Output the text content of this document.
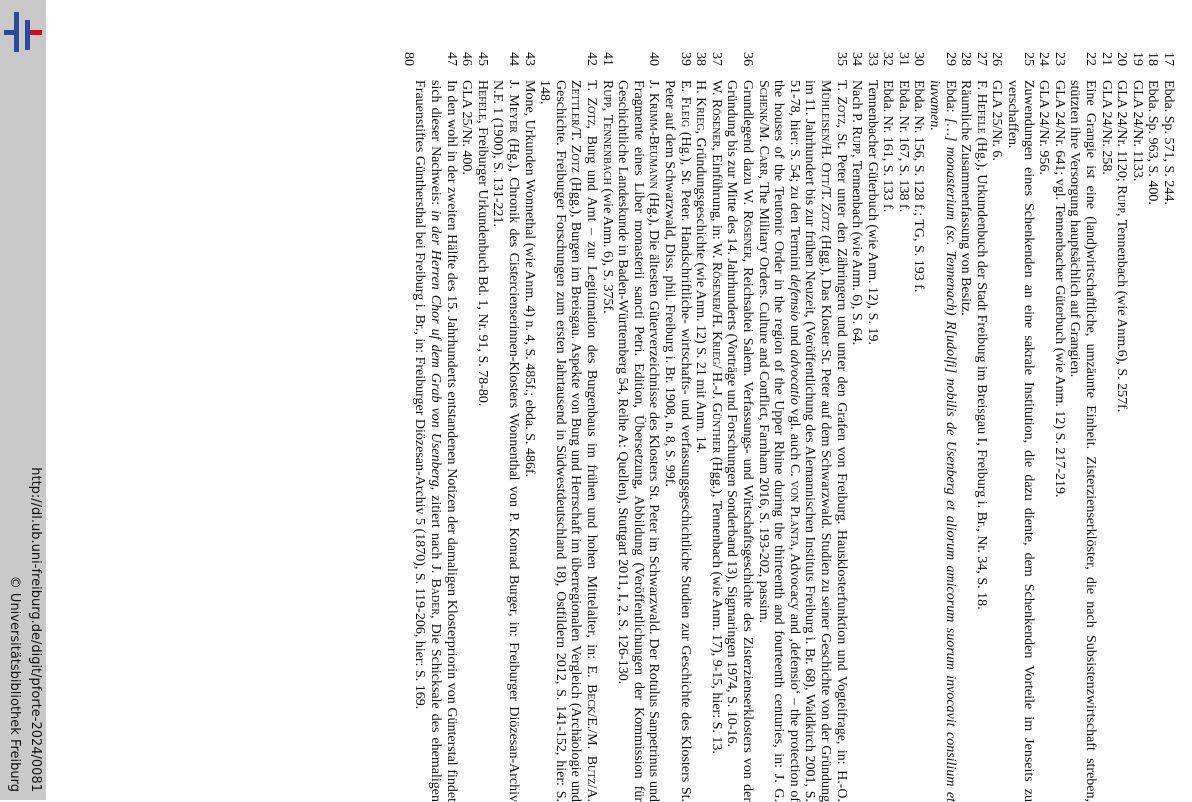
http://dl.ub.uni-freiburg.de/digit/pforte-2024/0081
© Universitätsbibliothek Freiburg
17
Ebda. Sp. 571, S. 244.
18
Ebda. Sp. 963, S. 400.
19
GLA 24/Nr. 1133.
20
GLA 24/Nr. 1120; Rupp, Tennenbach (wie Anm.6), S. 257f.
21
GLA 24/Nr. 258.
22
Eine Grangie ist eine (land)wirtschaftliche, umzäunte Einheit. Zisterzienserklöster, die nach Subsistenzwirtschaft streben, stützten ihre Versorgung hauptsächlich auf Grangien.
23
GLA 24/Nr. 641; vgl. Tennenbacher Güterbuch (wie Anm. 12) S. 217-219.
24
GLA 24/Nr. 956.
25
Zuwendungen eines Schenkenden an eine sakrale Institution, die dazu diente, dem Schenkenden Vorteile im Jenseits zu verschaffen.
26
GLA 25/Nr. 6.
27
F. Hefele (Hg.), Urkundenbuch der Stadt Freiburg im Breisgau I, Freiburg i. Br., Nr. 34, S. 18.
28
Räumliche Zusammenfassung von Besitz.
29
Ebda: […] monasterium (sc. Tennenach) R[udolfi] nobilis de Usenberg et aliorum amicorum suorum invocavit consilium et iuvamen.
30
Ebda. Nr. 156, S. 128 f.; TG, S. 193 f.
31
Ebda. Nr. 167, S. 138 f.
32
Ebda. Nr. 161, S. 133 f.
33
Tennenbacher Güterbuch (wie Anm. 12), S. 19.
34
Nach P. Rupp, Tennenbach (wie Anm. 6), S. 64.
35
T. Zotz, St. Peter unter den Zähringern und unter den Grafen von Freiburg. Hausklosterfunktion und Vogteifrage, in: H.-O. Mühleisen/H. Ott/T. Zotz (Hgg.), Das Kloster St. Peter auf dem Schwarzwald. Studien zu seiner Geschichte von der Gründung im 11. Jahrhundert bis zur frühen Neuzeit, (Veröffentlichung des Alemannischen Instituts Freiburg i. Br. 68), Waldkirch 2001, S. 51-78, hier: S. 54; zu den Termini defensio und advocatio vgl. auch C. von Planta, Advocacy and ‚defensio‘ – the protection of the houses of the Teutonic Order in the region of the Upper Rhine during the thirteenth and fourteenth centuries, in: J. G. Schenk/M. Carr, The Military Orders. Culture and Conflict, Farnham 2016, S. 193-202, passim.
36
Grundlegend dazu W. Rösener, Reichsabtei Salem. Verfassungs- und Wirtschaftsgeschichte des Zisterzienserklosters von der Gründung bis zur Mitte des 14. Jahrhunderts (Vorträge und Forschungen Sonderband 13), Sigmaringen 1974, S. 10-16.
37
W. Rösener, Einführung, in: W. Rösener/H. Krieg/ H.-J. Günther (Hgg.), Tennenbach (wie Anm. 17), 9-15, hier: S. 13.
38
H. Krieg, Gründungsgeschichte (wie Anm. 12) S. 21 mit Anm. 14.
39
E. Fleig (Hg.), St. Peter. Handschriftliche- wirtschafts- und verfassungsgeschichtliche Studien zur Geschichte des Klosters St. Peter auf dem Schwarzwald, Diss. phil. Freiburg i. Br. 1908, n. 8, S. 99f.
40
J. Krimm-Beumann (Hg.), Die ältesten Güterverzeichnisse des Klosters St. Peter im Schwarzwald. Der Rotulus Sanpetrinus und Fragmente eines Liber monasterii sancti Petri. Edition, Übersetzung, Abbildung (Veröffentlichungen der Kommission für Geschichtliche Landeskunde in Baden-Württemberg 54, Reihe A: Quellen), Stuttgart 2011, I, 2, S. 126-130.
41
Rupp, Tennenbach (wie Anm. 6), S. 375f.
42
T. Zotz, Burg und Amt – zur Legitimation des Burgenbaus im frühen und hohen Mittelalter, in: E. Beck/E./M. Butz/A. Zettler/T. Zotz (Hgg.), Burgen im Breisgau. Aspekte von Burg und Herrschaft im überregionalen Vergleich (Archäologie und Geschichte. Freiburger Forschungen zum ersten Jahrtausend in Südwestdeutschland 18), Ostfildern 2012, S. 141-152, hier: S. 148.
43
Mone, Urkunden Wonnethal (wie Anm. 4) n. 4, S. 485f.; ebda. S. 486f.
44
J. Meyer (Hg.), Chronik des Cistercienserinnen-Klosters Wonnenthal von P. Konrad Burger, in: Freiburger Diözesan-Archiv N.F. 1 (1900), S. 131-221.
45
Hefele, Freiburger Urkundenbuch Bd. 1, Nr. 91, S. 78-80.
46
GLA 25/Nr. 400.
47
In den wohl in der zweiten Hälfte des 15. Jahrhunderts entstandenen Notizen der damaligen Klosterpriorin von Günterstal findet sich dieser Nachweis: in der Herren Chor uf dem Grab von Usenberg, zitiert nach J. Bader, Die Schicksale des ehemaligen Frauenstiftes Günthersthal bei Freiburg i. Br., in: Freiburger Diözesan-Archiv 5 (1870), S. 119-206, hier: S. 169.
80
